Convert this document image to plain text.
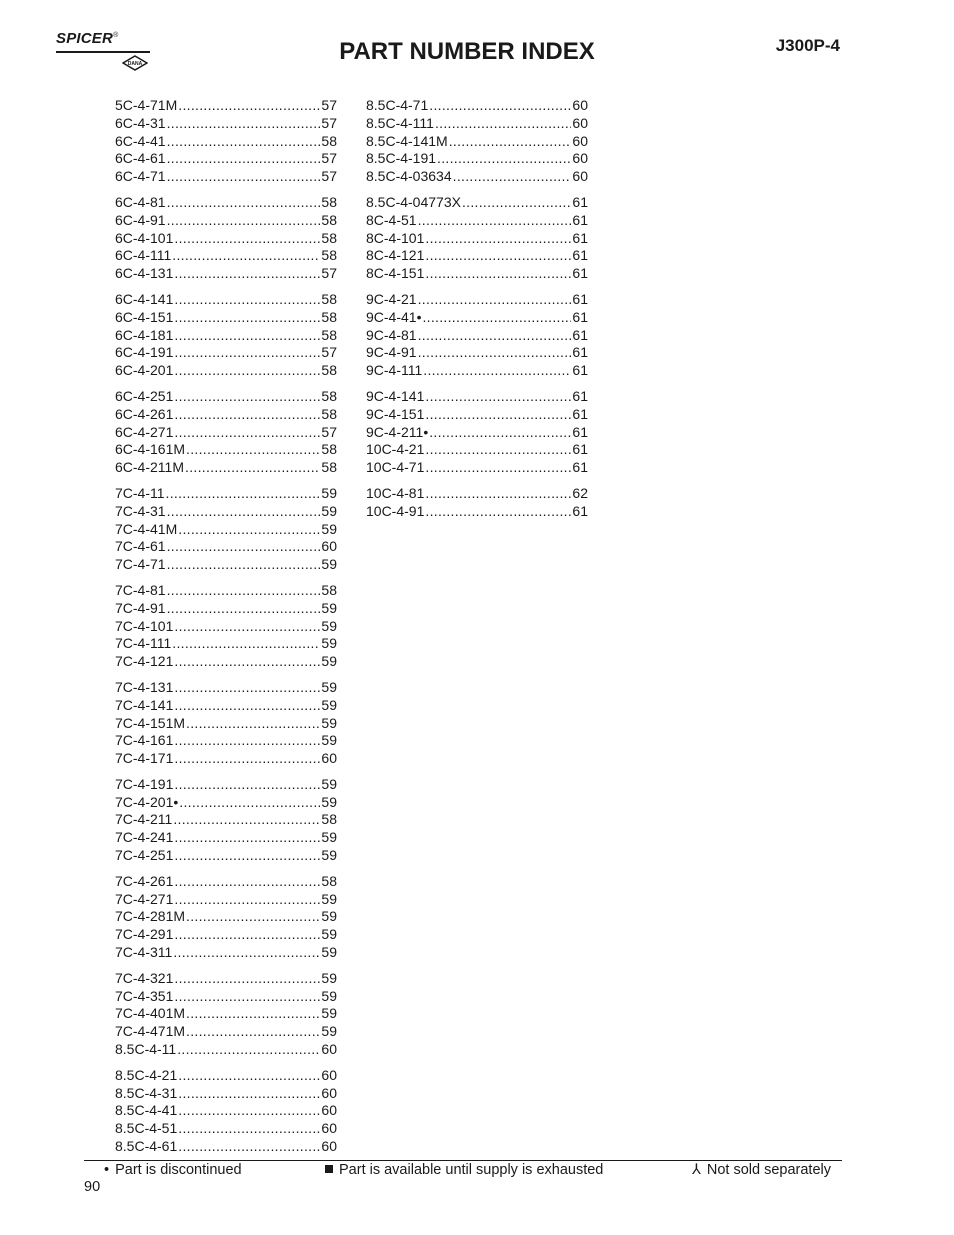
SPICER®
DANA	PART NUMBER INDEX	J300P-4
5C-4-71M .....	57
6C-4-31 .....	57
6C-4-41 .....	58
6C-4-61 .....	57
6C-4-71 .....	57
6C-4-81 .....	58
6C-4-91 .....	58
6C-4-101 .....	58
6C-4-111 .....	58
6C-4-131 .....	57
6C-4-141 .....	58
6C-4-151 .....	58
6C-4-181 .....	58
6C-4-191 .....	57
6C-4-201 .....	58
6C-4-251 .....	58
6C-4-261 .....	58
6C-4-271 .....	57
6C-4-161M .....	58
6C-4-211M .....	58
7C-4-11 .....	59
7C-4-31 .....	59
7C-4-41M .....	59
7C-4-61 .....	60
7C-4-71 .....	59
7C-4-81 .....	58
7C-4-91 .....	59
7C-4-101 .....	59
7C-4-111 .....	59
7C-4-121 .....	59
7C-4-131 .....	59
7C-4-141 .....	59
7C-4-151M .....	59
7C-4-161 .....	59
7C-4-171 .....	60
7C-4-191 .....	59
7C-4-201• .....	59
7C-4-211 .....	58
7C-4-241 .....	59
7C-4-251 .....	59
7C-4-261 .....	58
7C-4-271 .....	59
7C-4-281M .....	59
7C-4-291 .....	59
7C-4-311 .....	59
7C-4-321 .....	59
7C-4-351 .....	59
7C-4-401M .....	59
7C-4-471M .....	59
8.5C-4-11 .....	60
8.5C-4-21 .....	60
8.5C-4-31 .....	60
8.5C-4-41 .....	60
8.5C-4-51 .....	60
8.5C-4-61 .....	60
8.5C-4-71 .....	60
8.5C-4-111 .....	60
8.5C-4-141M .....	60
8.5C-4-191 .....	60
8.5C-4-03634 .....	60
8.5C-4-04773X .....	61
8C-4-51 .....	61
8C-4-101 .....	61
8C-4-121 .....	61
8C-4-151 .....	61
9C-4-21 .....	61
9C-4-41• .....	61
9C-4-81 .....	61
9C-4-91 .....	61
9C-4-111 .....	61
9C-4-141 .....	61
9C-4-151 .....	61
9C-4-211• .....	61
10C-4-21 .....	61
10C-4-71 .....	61
10C-4-81 .....	62
10C-4-91 .....	61
• Part is discontinued	Part is available until supply is exhausted	⅄ Not sold separately
90
